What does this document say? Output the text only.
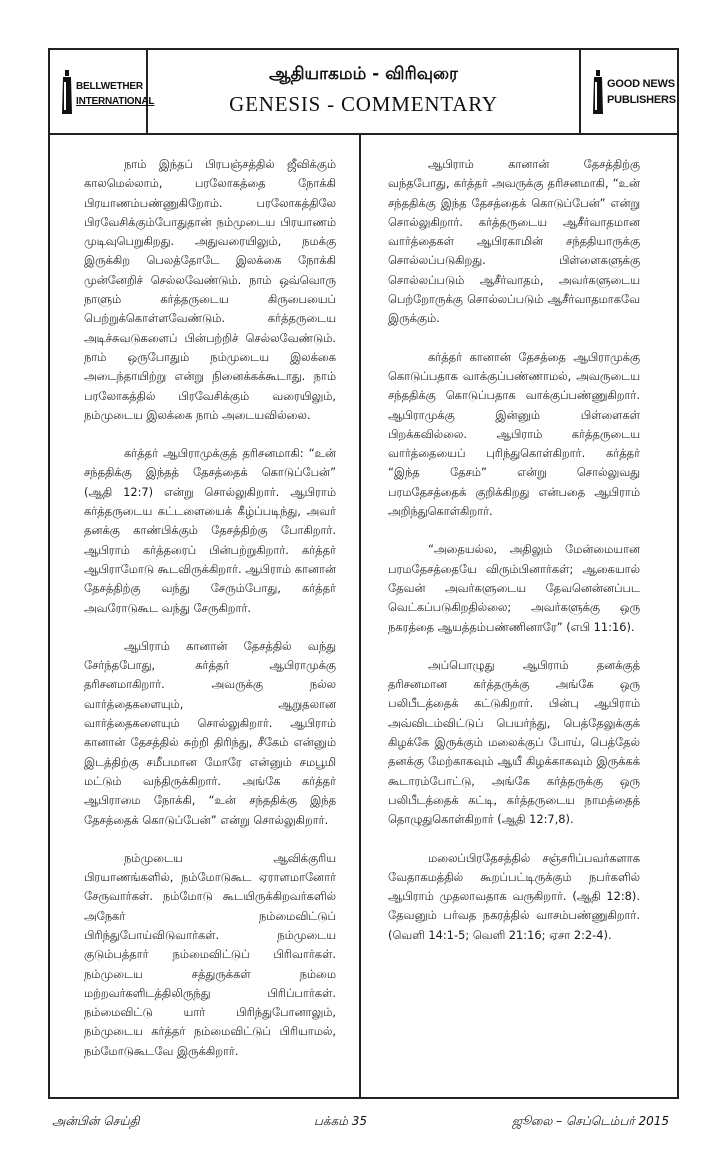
BELLWETHER
INTERNATIONAL
ஆதியாகமம் - விரிவுரை
GENESIS - COMMENTARY
GOOD NEWS
PUBLISHERS

நாம் இந்தப் பிரபஞ்சத்தில் ஜீவிக்கும் காலமெல்லாம், பரலோகத்தை நோக்கி பிரயாணம்பண்ணுகிறோம். பரலோகத்திலே பிரவேசிக்கும்போதுதான் நம்முடைய பிரயாணம் முடிவுபெறுகிறது. அதுவரையிலும், நமக்கு இருக்கிற பெலத்தோடே இலக்கை நோக்கி முன்னேறிச் செல்லவேண்டும். நாம் ஒவ்வொரு நாளும் கர்த்தருடைய கிருபையைப் பெற்றுக்கொள்ளவேண்டும். கர்த்தருடைய அடிச்சுவடுகளைப் பின்பற்றிச் செல்லவேண்டும். நாம் ஒருபோதும் நம்முடைய இலக்கை அடைந்தாயிற்று என்று நினைக்கக்கூடாது. நாம் பரலோகத்தில் பிரவேசிக்கும் வரையிலும், நம்முடைய இலக்கை நாம் அடையவில்லை.

கர்த்தர் ஆபிராமுக்குத் தரிசனமாகி: “உன் சந்ததிக்கு இந்தத் தேசத்தைக் கொடுப்பேன்” (ஆதி 12:7) என்று சொல்லுகிறார். ஆபிராம் கர்த்தருடைய கட்டளையைக் கீழ்ப்படிந்து, அவர் தனக்கு காண்பிக்கும் தேசத்திற்கு போகிறார். ஆபிராம் கர்த்தரைப் பின்பற்றுகிறார். கர்த்தர் ஆபிராமோடு கூடவிருக்கிறார். ஆபிராம் கானான் தேசத்திற்கு வந்து சேரும்போது, கர்த்தர் அவரோடுகூட வந்து சேருகிறார்.

ஆபிராம் கானான் தேசத்தில் வந்து சேர்ந்தபோது, கர்த்தர் ஆபிராமுக்கு தரிசனமாகிறார். அவருக்கு நல்ல வார்த்தைகளையும், ஆறுதலான வார்த்தைகளையும் சொல்லுகிறார். ஆபிராம் கானான் தேசத்தில் சுற்றி திரிந்து, சீகேம் என்னும் இடத்திற்கு சமீபமான மோரே என்னும் சமபூமி மட்டும் வந்திருக்கிறார். அங்கே கர்த்தர் ஆபிராமை நோக்கி, “உன் சந்ததிக்கு இந்த தேசத்தைக் கொடுப்பேன்” என்று சொல்லுகிறார்.

நம்முடைய ஆவிக்குரிய பிரயாணங்களில், நம்மோடுகூட ஏராளமானோர் சேருவார்கள். நம்மோடு கூடயிருக்கிறவர்களில் அநேகர் நம்மைவிட்டுப் பிரிந்துபோய்விடுவார்கள். நம்முடைய குடும்பத்தார் நம்மைவிட்டுப் பிரிவார்கள். நம்முடைய சத்துருக்கள் நம்மை மற்றவர்களிடத்திலிருந்து பிரிப்பார்கள். நம்மைவிட்டு யார் பிரிந்துபோனாலும், நம்முடைய கர்த்தர் நம்மைவிட்டுப் பிரியாமல், நம்மோடுகூடவே இருக்கிறார்.

ஆபிராம் கானான் தேசத்திற்கு வந்தபோது, கர்த்தர் அவருக்கு தரிசனமாகி, “உன் சந்ததிக்கு இந்த தேசத்தைக் கொடுப்பேன்” என்று சொல்லுகிறார். கர்த்தருடைய ஆசீர்வாதமான வார்த்தைகள் ஆபிரகாமின் சந்ததியாருக்கு சொல்லப்படுகிறது. பிள்ளைகளுக்கு சொல்லப்படும் ஆசீர்வாதம், அவர்களுடைய பெற்றோருக்கு சொல்லப்படும் ஆசீர்வாதமாகவே இருக்கும்.

கர்த்தர் கானான் தேசத்தை ஆபிராமுக்கு கொடுப்பதாக வாக்குப்பண்ணாமல், அவருடைய சந்ததிக்கு கொடுப்பதாக வாக்குப்பண்ணுகிறார். ஆபிராமுக்கு இன்னும் பிள்ளைகள் பிறக்கவில்லை. ஆபிராம் கர்த்தருடைய வார்த்தையைப் புரிந்துகொள்கிறார். கர்த்தர் “இந்த தேசம்” என்று சொல்லுவது பரமதேசத்தைக் குறிக்கிறது என்பதை ஆபிராம் அறிந்துகொள்கிறார்.

“அதையல்ல, அதிலும் மேன்மையான பரமதேசத்தையே விரும்பினார்கள்; ஆகையால் தேவன் அவர்களுடைய தேவனென்னப்பட வெட்கப்படுகிறதில்லை; அவர்களுக்கு ஒரு நகரத்தை ஆயத்தம்பண்ணினாரே” (எபி 11:16).

அப்பொழுது ஆபிராம் தனக்குத் தரிசனமான கர்த்தருக்கு அங்கே ஒரு பலிபீடத்தைக் கட்டுகிறார். பின்பு ஆபிராம் அவ்விடம்விட்டுப் பெயர்ந்து, பெத்தேலுக்குக் கிழக்கே இருக்கும் மலைக்குப் போய், பெத்தேல் தனக்கு மேற்காகவும் ஆயீ கிழக்காகவும் இருக்கக் கூடாரம்போட்டு, அங்கே கர்த்தருக்கு ஒரு பலிபீடத்தைக் கட்டி, கர்த்தருடைய நாமத்தைத் தொழுதுகொள்கிறார் (ஆதி 12:7,8).

மலைப்பிரதேசத்தில் சஞ்சரிப்பவர்களாக வேதாகமத்தில் கூறப்பட்டிருக்கும் நபர்களில் ஆபிராம் முதலாவதாக வருகிறார். (ஆதி 12:8). தேவனும் பர்வத நகரத்தில் வாசம்பண்ணுகிறார். (வெளி 14:1-5; வெளி 21:16; ஏசா 2:2-4).

அன்பின் செய்தி	பக்கம் 35	ஜூலை – செப்டெம்பர் 2015
